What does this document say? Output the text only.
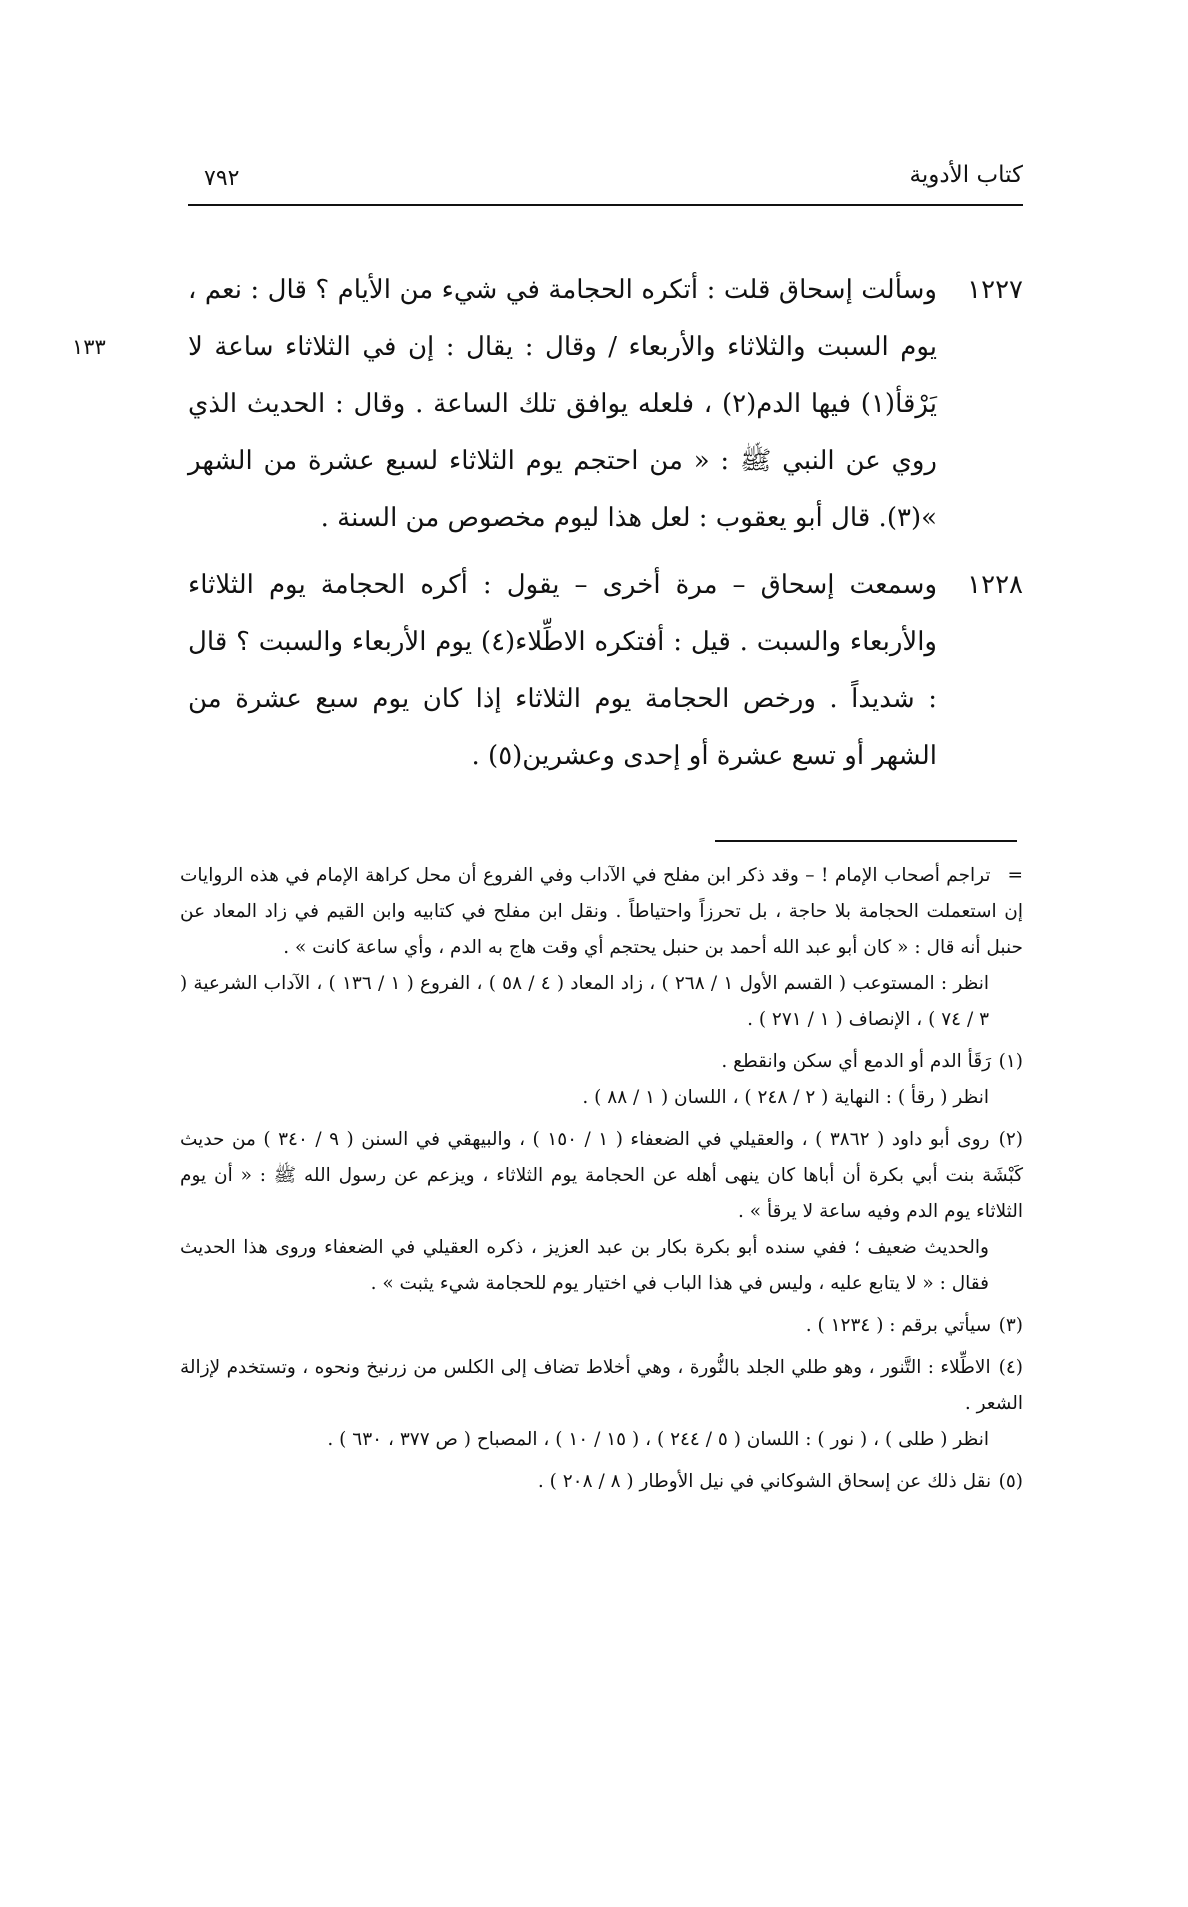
كتاب الأدوية
٧٩٢
١٣٣
١٢٢٧
وسألت إسحاق قلت : أتكره الحجامة في شيء من الأيام ؟ قال : نعم ، يوم السبت والثلاثاء والأربعاء / وقال : يقال : إن في الثلاثاء ساعة لا يَرْقأ(١) فيها الدم(٢) ، فلعله يوافق تلك الساعة . وقال : الحديث الذي روي عن النبي ﷺ : « من احتجم يوم الثلاثاء لسبع عشرة من الشهر »(٣). قال أبو يعقوب : لعل هذا ليوم مخصوص من السنة .
١٢٢٨
وسمعت إسحاق – مرة أخرى – يقول : أكره الحجامة يوم الثلاثاء والأربعاء والسبت . قيل : أفتكره الاطِّلاء(٤) يوم الأربعاء والسبت ؟ قال : شديداً . ورخص الحجامة يوم الثلاثاء إذا كان يوم سبع عشرة من الشهر أو تسع عشرة أو إحدى وعشرين(٥) .
= تراجم أصحاب الإمام ! – وقد ذكر ابن مفلح في الآداب وفي الفروع أن محل كراهة الإمام في هذه الروايات إن استعملت الحجامة بلا حاجة ، بل تحرزاً واحتياطاً . ونقل ابن مفلح في كتابيه وابن القيم في زاد المعاد عن حنبل أنه قال : « كان أبو عبد الله أحمد بن حنبل يحتجم أي وقت هاج به الدم ، وأي ساعة كانت » .
انظر : المستوعب ( القسم الأول ١ / ٢٦٨ ) ، زاد المعاد ( ٤ / ٥٨ ) ، الفروع ( ١ / ١٣٦ ) ، الآداب الشرعية ( ٣ / ٧٤ ) ، الإنصاف ( ١ / ٢٧١ ) .
(١) رَقَأ الدم أو الدمع أي سكن وانقطع .
انظر ( رقأ ) : النهاية ( ٢ / ٢٤٨ ) ، اللسان ( ١ / ٨٨ ) .
(٢) روى أبو داود ( ٣٨٦٢ ) ، والعقيلي في الضعفاء ( ١ / ١٥٠ ) ، والبيهقي في السنن ( ٩ / ٣٤٠ ) من حديث كَبْشَة بنت أبي بكرة أن أباها كان ينهى أهله عن الحجامة يوم الثلاثاء ، ويزعم عن رسول الله ﷺ : « أن يوم الثلاثاء يوم الدم وفيه ساعة لا يرقأ » .
والحديث ضعيف ؛ ففي سنده أبو بكرة بكار بن عبد العزيز ، ذكره العقيلي في الضعفاء وروى هذا الحديث فقال : « لا يتابع عليه ، وليس في هذا الباب في اختيار يوم للحجامة شيء يثبت » .
(٣) سيأتي برقم : ( ١٢٣٤ ) .
(٤) الاطِّلاء : التَّنور ، وهو طلي الجلد بالنُّورة ، وهي أخلاط تضاف إلى الكلس من زرنيخ ونحوه ، وتستخدم لإزالة الشعر .
انظر ( طلى ) ، ( نور ) : اللسان ( ٥ / ٢٤٤ ) ، ( ١٥ / ١٠ ) ، المصباح ( ص ٣٧٧ ، ٦٣٠ ) .
(٥) نقل ذلك عن إسحاق الشوكاني في نيل الأوطار ( ٨ / ٢٠٨ ) .
